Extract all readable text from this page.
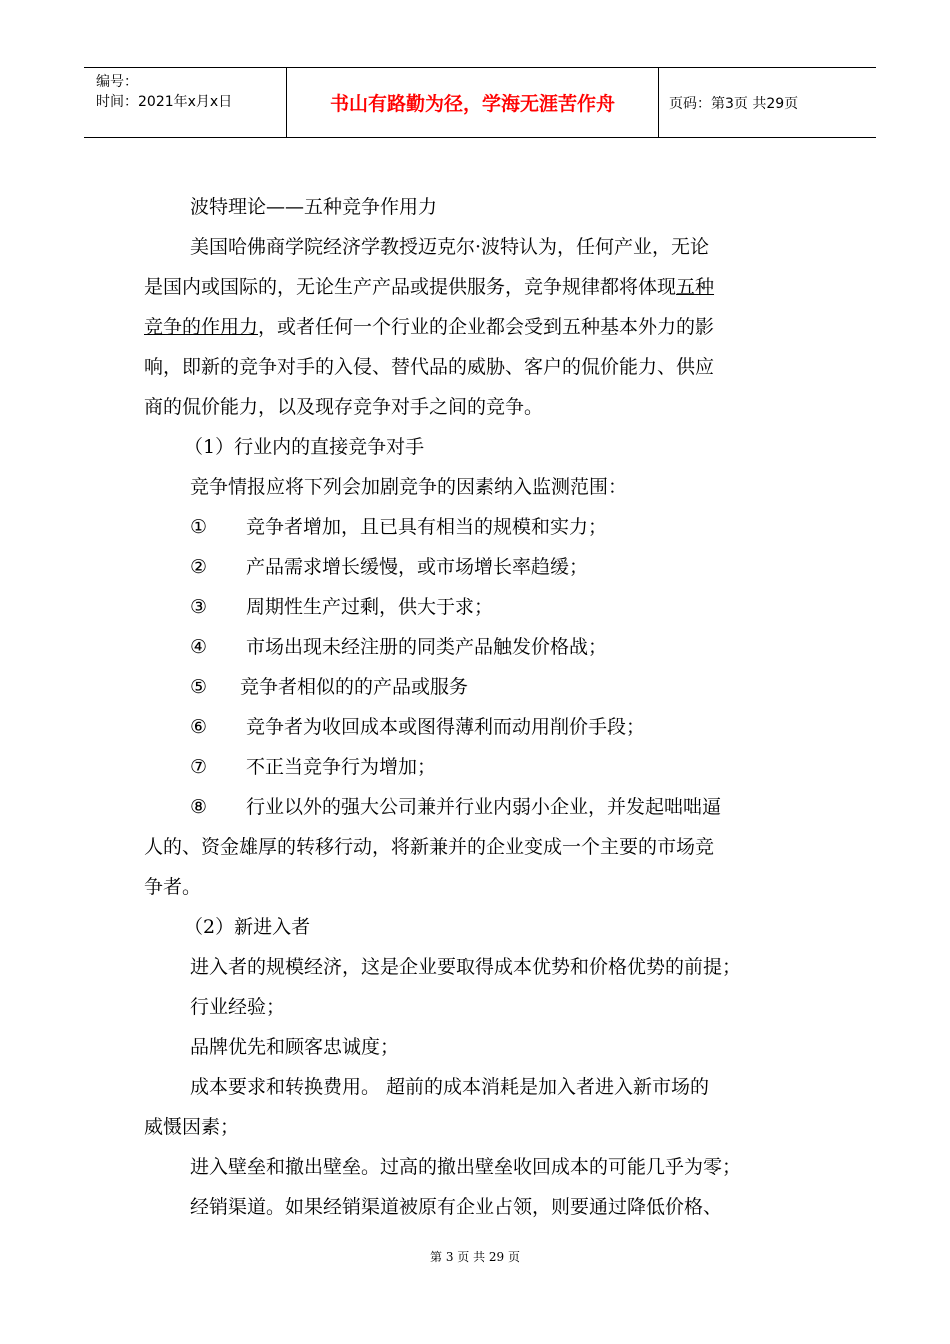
编号：
时间：2021年x月x日	书山有路勤为径，学海无涯苦作舟	页码：第3页 共29页
波特理论——五种竞争作用力
美国哈佛商学院经济学教授迈克尔·波特认为，任何产业，无论
是国内或国际的，无论生产产品或提供服务，竞争规律都将体现五种
竞争的作用力，或者任何一个行业的企业都会受到五种基本外力的影
响，即新的竞争对手的入侵、替代品的威胁、客户的侃价能力、供应
商的侃价能力，以及现存竞争对手之间的竞争。
（1）行业内的直接竞争对手
竞争情报应将下列会加剧竞争的因素纳入监测范围：
① 竞争者增加，且已具有相当的规模和实力；
② 产品需求增长缓慢，或市场增长率趋缓；
③ 周期性生产过剩，供大于求；
④ 市场出现未经注册的同类产品触发价格战；
⑤ 竞争者相似的的产品或服务
⑥ 竞争者为收回成本或图得薄利而动用削价手段；
⑦ 不正当竞争行为增加；
⑧ 行业以外的强大公司兼并行业内弱小企业，并发起咄咄逼
人的、资金雄厚的转移行动，将新兼并的企业变成一个主要的市场竞
争者。
（2）新进入者
进入者的规模经济，这是企业要取得成本优势和价格优势的前提；
行业经验；
品牌优先和顾客忠诚度；
成本要求和转换费用。 超前的成本消耗是加入者进入新市场的
威慑因素；
进入壁垒和撤出壁垒。过高的撤出壁垒收回成本的可能几乎为零；
经销渠道。如果经销渠道被原有企业占领，则要通过降低价格、
第 3 页 共 29 页
